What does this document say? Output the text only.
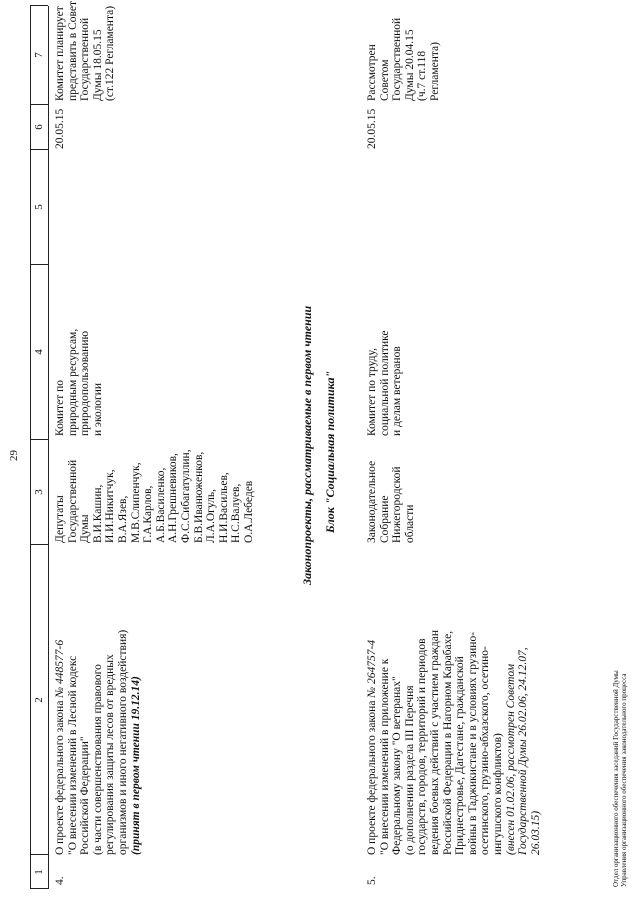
29
1
2
3
4
5
6
7
4.
О проекте федерального закона № 448577-6 "О внесении изменений в Лесной кодекс Российской Федерации" (в части совершенствования правового регулирования защиты лесов от вредных организмов и иного негативного воздействия) (принят в первом чтении 19.12.14)
Депутаты Государственной Думы В.И.Кашин, И.И.Никитчук, В.А.Язев, М.В.Слипенчук, Г.А.Карлов, А.Б.Василенко, А.Н.Грешневиков, Ф.С.Сибагатуллин, Б.В.Иванюженков, Л.А.Огуль, Н.И.Васильев, Н.С.Валуев, О.А.Лебедев
Комитет по природным ресурсам, природопользованию и экологии
20.05.15
Комитет планирует представить в Совет Государственной Думы 18.05.15 (ст.122 Регламента)
Законопроекты, рассматриваемые в первом чтении Блок "Социальная политика"
5.
О проекте федерального закона № 264757-4 "О внесении изменений в приложение к Федеральному закону "О ветеранах" (о дополнении раздела III Перечня государств, городов, территорий и периодов ведения боевых действий с участием граждан Российской Федерации в Нагорном Карабахе, Приднестровье, Дагестане, гражданской войны в Таджикистане и в условиях грузино- осетинского, грузино-абхазского, осетино- ингушского конфликтов) (внесен 01.02.06, рассмотрен Советом Государственной Думы 26.02.06, 24.12.07, 26.03.15)
Законодательное Собрание Нижегородской области
Комитет по труду, социальной политике и делам ветеранов
20.05.15
Рассмотрен Советом Государственной Думы 20.04.15 (ч.7 ст.118 Регламента)
Отдел организационного обеспечения заседаний Государственной Думы Управления организационного обеспечения законодательного процесса
